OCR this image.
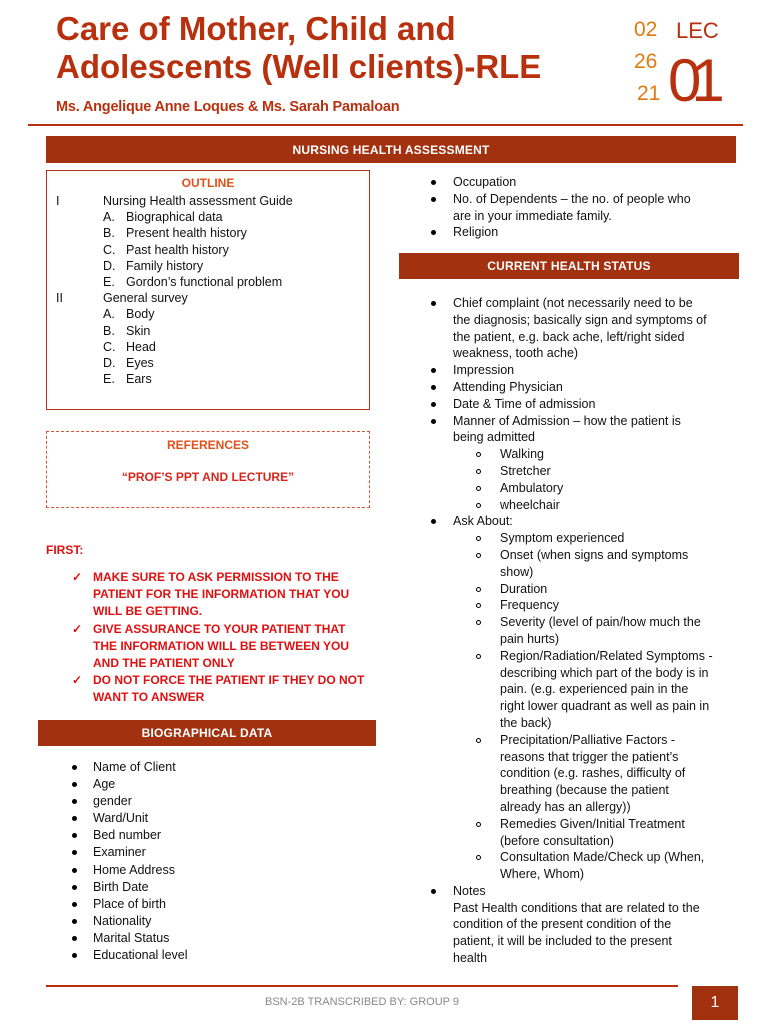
Care of Mother, Child and
Adolescents (Well clients)-RLE
Ms. Angelique Anne Loques & Ms. Sarah Pamaloan
02
26
21
LEC
01
NURSING HEALTH ASSESSMENT
OUTLINE
I	Nursing Health assessment Guide
A. Biographical data
B. Present health history
C. Past health history
D. Family history
E. Gordon’s functional problem
II	General survey
A. Body
B. Skin
C. Head
D. Eyes
E. Ears
REFERENCES
“PROF’S PPT AND LECTURE”
FIRST:
✓ MAKE SURE TO ASK PERMISSION TO THE
PATIENT FOR THE INFORMATION THAT YOU
WILL BE GETTING.
✓ GIVE ASSURANCE TO YOUR PATIENT THAT
THE INFORMATION WILL BE BETWEEN YOU
AND THE PATIENT ONLY
✓ DO NOT FORCE THE PATIENT IF THEY DO NOT
WANT TO ANSWER
BIOGRAPHICAL DATA
Name of Client
Age
gender
Ward/Unit
Bed number
Examiner
Home Address
Birth Date
Place of birth
Nationality
Marital Status
Educational level
Occupation
No. of Dependents – the no. of people who
are in your immediate family.
Religion
CURRENT HEALTH STATUS
Chief complaint (not necessarily need to be
the diagnosis; basically sign and symptoms of
the patient, e.g. back ache, left/right sided
weakness, tooth ache)
Impression
Attending Physician
Date & Time of admission
Manner of Admission – how the patient is
being admitted
Walking
Stretcher
Ambulatory
wheelchair
Ask About:
Symptom experienced
Onset (when signs and symptoms
show)
Duration
Frequency
Severity (level of pain/how much the
pain hurts)
Region/Radiation/Related Symptoms -
describing which part of the body is in
pain. (e.g. experienced pain in the
right lower quadrant as well as pain in
the back)
Precipitation/Palliative Factors -
reasons that trigger the patient’s
condition (e.g. rashes, difficulty of
breathing (because the patient
already has an allergy))
Remedies Given/Initial Treatment
(before consultation)
Consultation Made/Check up (When,
Where, Whom)
Notes
Past Health conditions that are related to the
condition of the present condition of the
patient, it will be included to the present
health
BSN-2B TRANSCRIBED BY: GROUP 9	1
